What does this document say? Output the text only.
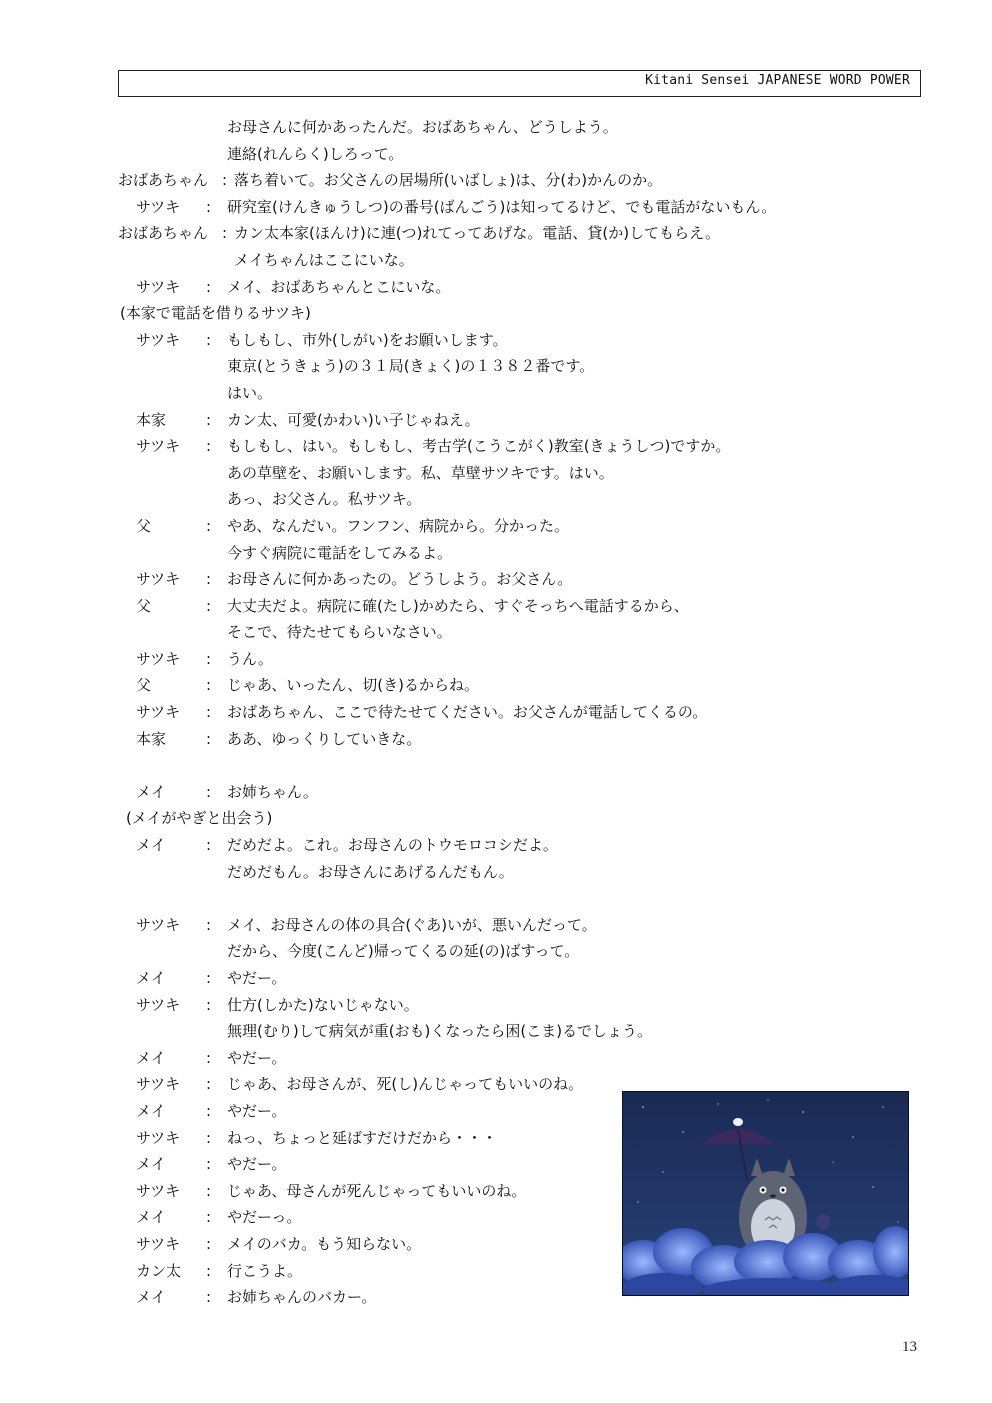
Kitani Sensei JAPANESE WORD POWER
お母さんに何かあったんだ。おばあちゃん、どうしよう。
連絡(れんらく)しろって。
おばあちゃん : 落ち着いて。お父さんの居場所(いばしょ)は、分(わ)かんのか。
サツキ : 研究室(けんきゅうしつ)の番号(ばんごう)は知ってるけど、でも電話がないもん。
おばあちゃん : カン太本家(ほんけ)に連(つ)れてってあげな。電話、貸(か)してもらえ。
メイちゃんはここにいな。
サツキ : メイ、おばあちゃんとこにいな。
(本家で電話を借りるサツキ)
サツキ : もしもし、市外(しがい)をお願いします。
東京(とうきょう)の３１局(きょく)の１３８２番です。
はい。
本家	: カン太、可愛(かわい)い子じゃねえ。
サツキ : もしもし、はい。もしもし、考古学(こうこがく)教室(きょうしつ)ですか。
あの草壁を、お願いします。私、草壁サツキです。はい。
あっ、お父さん。私サツキ。
父	: やあ、なんだい。フンフン、病院から。分かった。
今すぐ病院に電話をしてみるよ。
サツキ : お母さんに何かあったの。どうしよう。お父さん。
父	: 大丈夫だよ。病院に確(たし)かめたら、すぐそっちへ電話するから、
そこで、待たせてもらいなさい。
サツキ : うん。
父	: じゃあ、いったん、切(き)るからね。
サツキ : おばあちゃん、ここで待たせてください。お父さんが電話してくるの。
本家	: ああ、ゆっくりしていきな。
メイ	: お姉ちゃん。
(メイがやぎと出会う)
メイ	: だめだよ。これ。お母さんのトウモロコシだよ。
だめだもん。お母さんにあげるんだもん。
サツキ : メイ、お母さんの体の具合(ぐあ)いが、悪いんだって。
だから、今度(こんど)帰ってくるの延(の)ばすって。
メイ	: やだー。
サツキ : 仕方(しかた)ないじゃない。
無理(むり)して病気が重(おも)くなったら困(こま)るでしょう。
メイ	: やだー。
サツキ : じゃあ、お母さんが、死(し)んじゃってもいいのね。
メイ	: やだー。
サツキ : ねっ、ちょっと延ばすだけだから・・・
メイ	: やだー。
サツキ : じゃあ、母さんが死んじゃってもいいのね。
メイ	: やだーっ。
サツキ : メイのバカ。もう知らない。
カン太 : 行こうよ。
メイ	: お姉ちゃんのバカー。
13
